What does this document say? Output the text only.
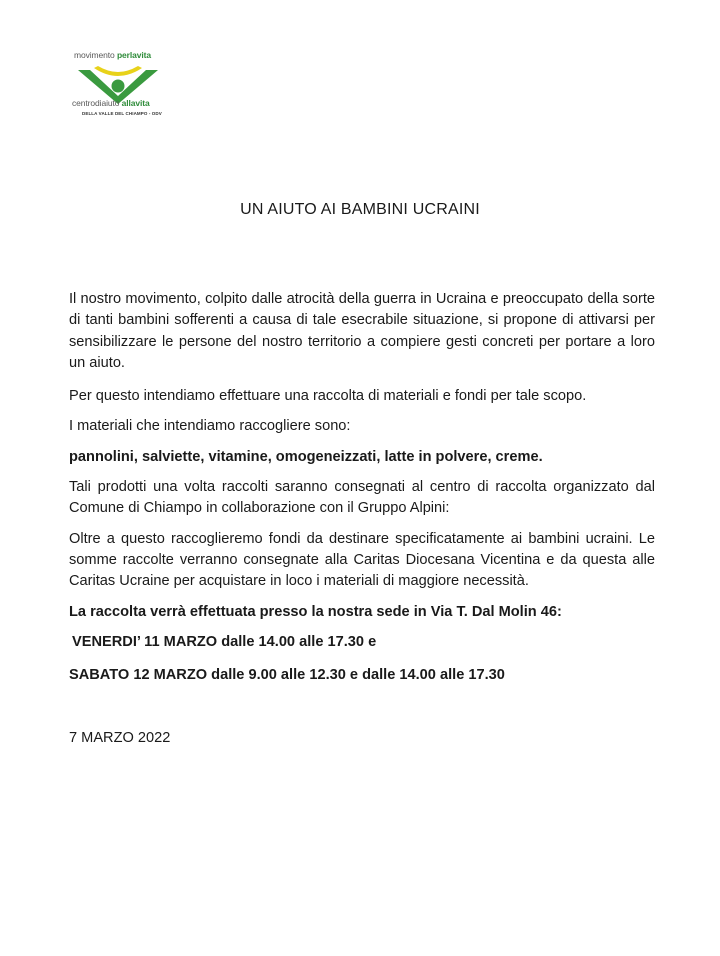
movimento perlavita
centrodiaiuto allavita
DELLA VALLE DEL CHIAMPO - ODV
UN AIUTO AI BAMBINI UCRAINI

Il nostro movimento, colpito dalle atrocità della guerra in Ucraina e preoccupato della sorte di tanti bambini sofferenti a causa di tale esecrabile situazione, si propone di attivarsi per sensibilizzare le persone del nostro territorio a compiere gesti concreti per portare a loro un aiuto.

Per questo intendiamo effettuare una raccolta di materiali e fondi per tale scopo.

I materiali che intendiamo raccogliere sono:

pannolini, salviette, vitamine, omogeneizzati, latte in polvere, creme.

Tali prodotti una volta raccolti saranno consegnati al centro di raccolta organizzato dal Comune di Chiampo in collaborazione con il Gruppo Alpini:

Oltre a questo raccoglieremo fondi da destinare specificatamente ai bambini ucraini. Le somme raccolte verranno consegnate alla Caritas Diocesana Vicentina e da questa alle Caritas Ucraine per acquistare in loco i materiali di maggiore necessità.

La raccolta verrà effettuata presso la nostra sede in Via T. Dal Molin 46:

VENERDI’ 11 MARZO dalle 14.00 alle 17.30 e

SABATO 12 MARZO dalle 9.00 alle 12.30 e dalle 14.00 alle 17.30

7 MARZO 2022
